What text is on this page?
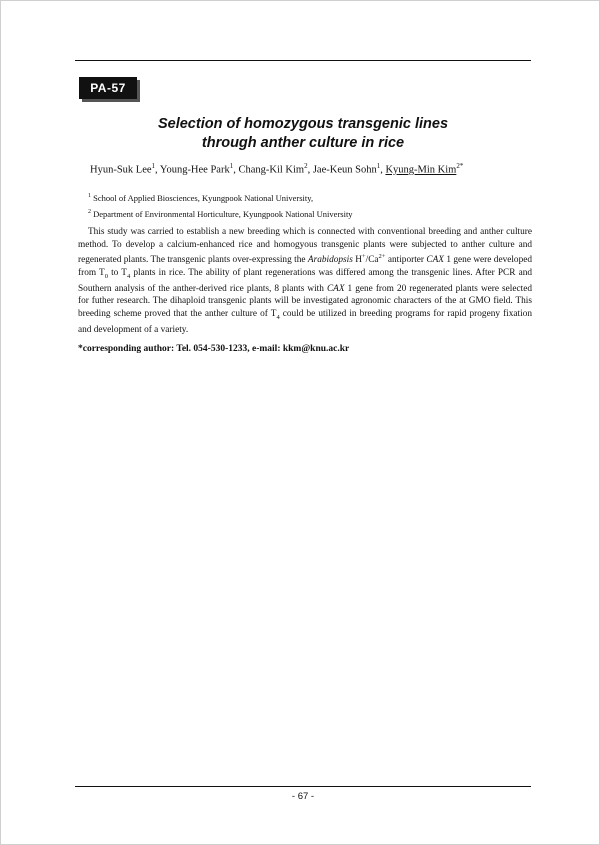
PA-57
Selection of homozygous transgenic lines
through anther culture in rice
Hyun-Suk Lee$^1$, Young-Hee Park$^1$, Chang-Kil Kim$^2$, Jae-Keun Sohn$^1$, Kyung-Min Kim$^{2*}$
$^1$ School of Applied Biosciences, Kyungpook National University,
$^2$ Department of Environmental Horticulture, Kyungpook National University

This study was carried to establish a new breeding which is connected with conventional breeding and anther culture method. To develop a calcium-enhanced rice and homogyous transgenic plants were subjected to anther culture and regenerated plants. The transgenic plants over-expressing the Arabidopsis $H^+/Ca^{2+}$ antiporter CAX 1 gene were developed from $T_0$ to $T_4$ plants in rice. The ability of plant regenerations was differed among the transgenic lines. After PCR and Southern analysis of the anther-derived rice plants, 8 plants with CAX 1 gene from 20 regenerated plants were selected for futher research. The dihaploid transgenic plants will be investigated agronomic characters of the at GMO field. This breeding scheme proved that the anther culture of $T_4$ could be utilized in breeding programs for rapid progeny fixation and development of a variety.

*corresponding author: Tel. 054-530-1233, e-mail: kkm@knu.ac.kr
- 67 -
